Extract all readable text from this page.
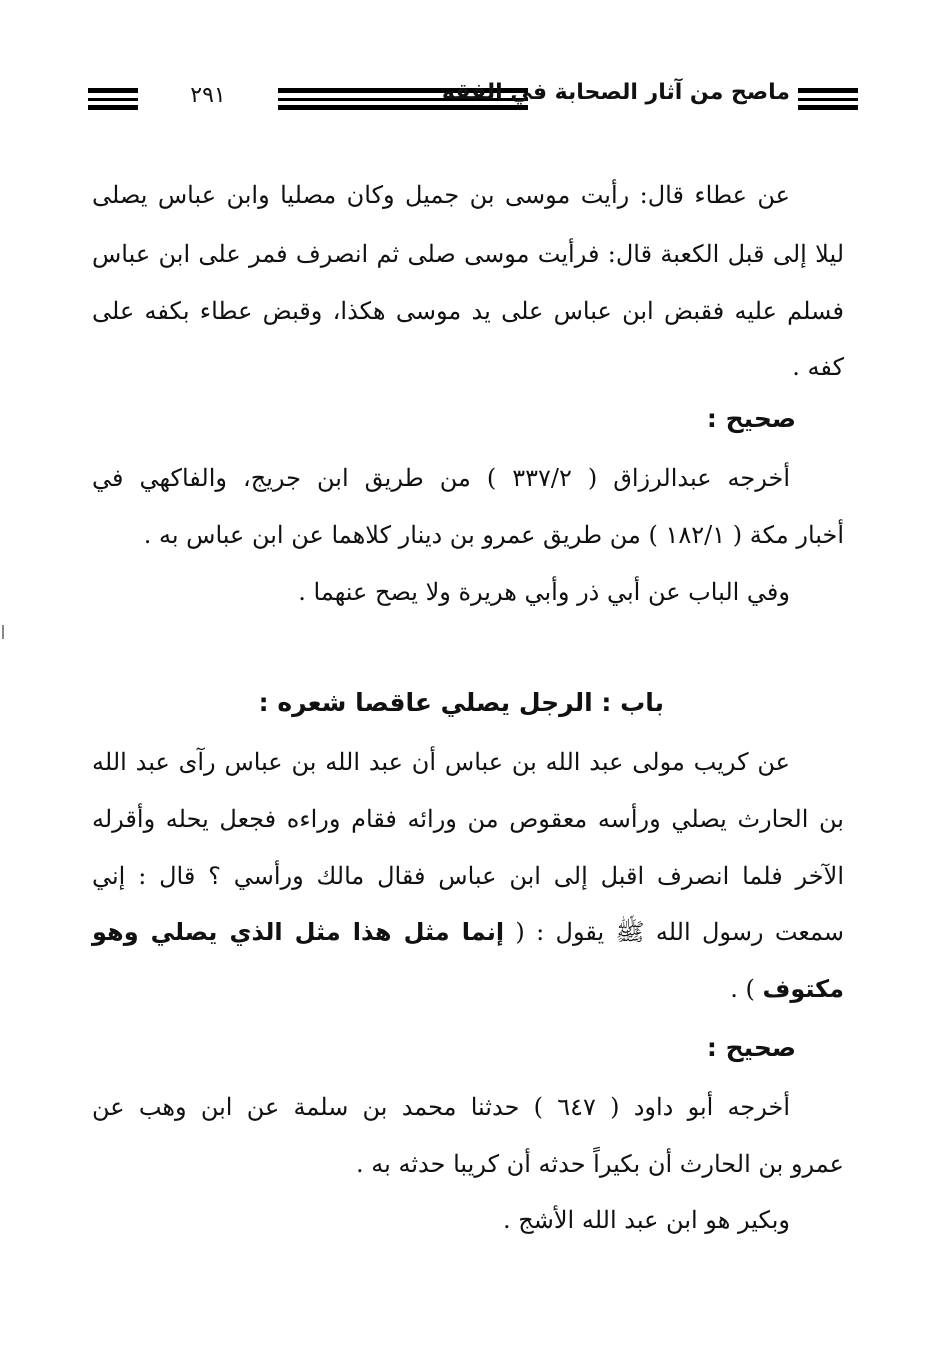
٢٩١	ماصح من آثار الصحابة في الفقه
عن عطاء قال: رأيت موسى بن جميل وكان مصليا وابن عباس يصلى
ليلا إلى قبل الكعبة قال: فرأيت موسى صلى ثم انصرف فمر على ابن عباس
فسلم عليه فقبض ابن عباس على يد موسى هكذا، وقبض عطاء بكفه على
كفه .
صحيح :
أخرجه عبدالرزاق ( ٣٣٧/٢ ) من طريق ابن جريج، والفاكهي في
أخبار مكة ( ١٨٢/١ ) من طريق عمرو بن دينار كلاهما عن ابن عباس به .
وفي الباب عن أبي ذر وأبي هريرة ولا يصح عنهما .
باب : الرجل يصلي عاقصا شعره :
عن كريب مولى عبد الله بن عباس أن عبد الله بن عباس رآى عبد الله
بن الحارث يصلي ورأسه معقوص من ورائه فقام وراءه فجعل يحله وأقرله
الآخر فلما انصرف اقبل إلى ابن عباس فقال مالك ورأسي ؟ قال : إني
سمعت رسول الله ﷺ يقول : ( إنما مثل هذا مثل الذي يصلي وهو
مكتوف ) .
صحيح :
أخرجه أبو داود ( ٦٤٧ ) حدثنا محمد بن سلمة عن ابن وهب عن
عمرو بن الحارث أن بكيراً حدثه أن كريبا حدثه به .
وبكير هو ابن عبد الله الأشج .
